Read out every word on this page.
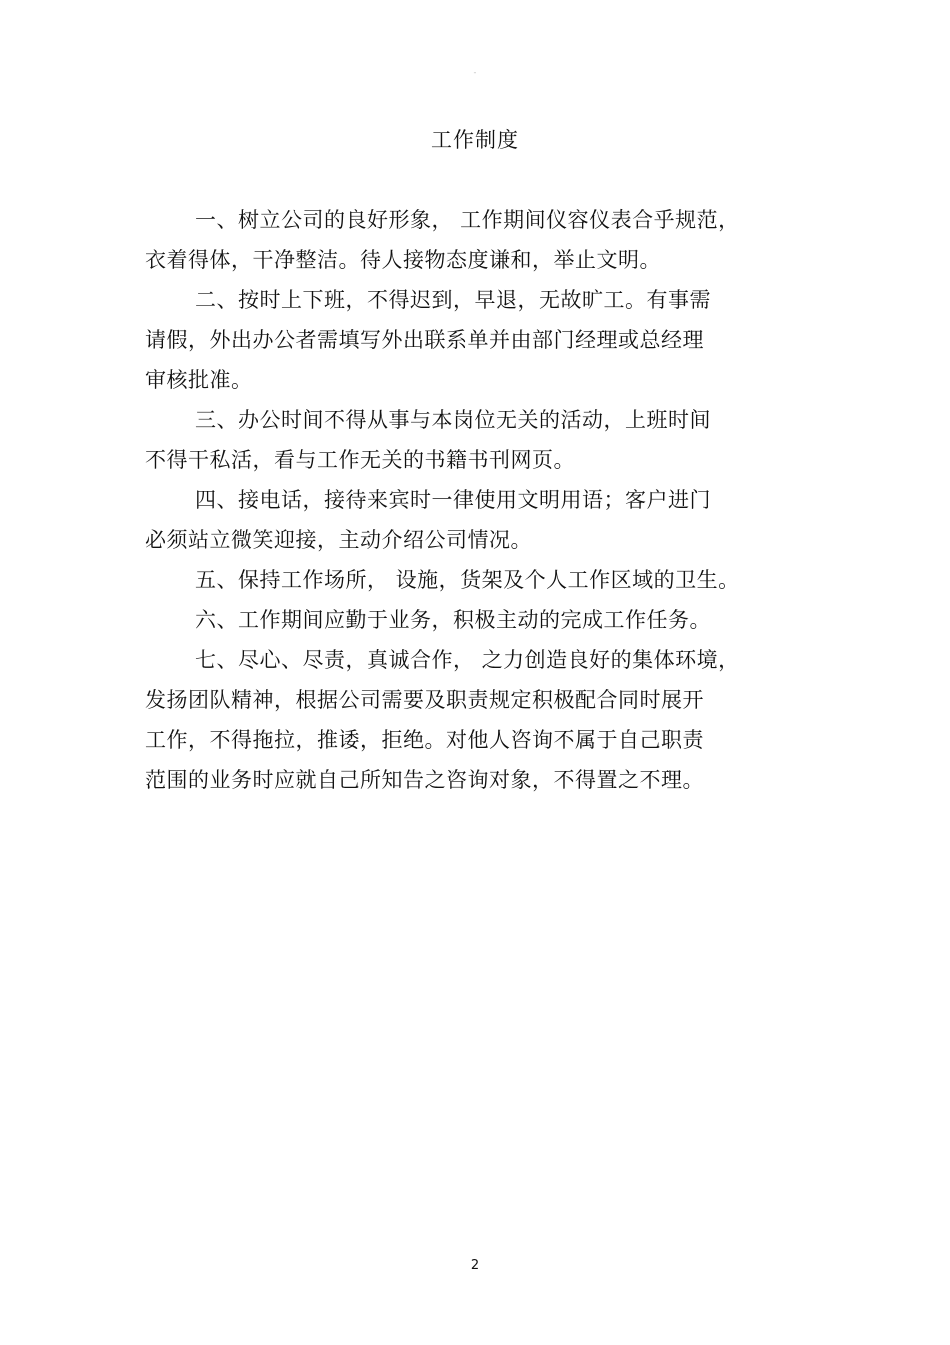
-
工作制度
一、树立公司的良好形象， 工作期间仪容仪表合乎规范，
衣着得体，干净整洁。待人接物态度谦和，举止文明。
二、按时上下班，不得迟到，早退，无故旷工。有事需
请假，外出办公者需填写外出联系单并由部门经理或总经理
审核批准。
三、办公时间不得从事与本岗位无关的活动，上班时间
不得干私活，看与工作无关的书籍书刊网页。
四、接电话，接待来宾时一律使用文明用语；客户进门
必须站立微笑迎接，主动介绍公司情况。
五、保持工作场所， 设施，货架及个人工作区域的卫生。
六、工作期间应勤于业务，积极主动的完成工作任务。
七、尽心、尽责，真诚合作， 之力创造良好的集体环境，
发扬团队精神，根据公司需要及职责规定积极配合同时展开
工作，不得拖拉，推诿，拒绝。对他人咨询不属于自己职责
范围的业务时应就自己所知告之咨询对象，不得置之不理。
2
